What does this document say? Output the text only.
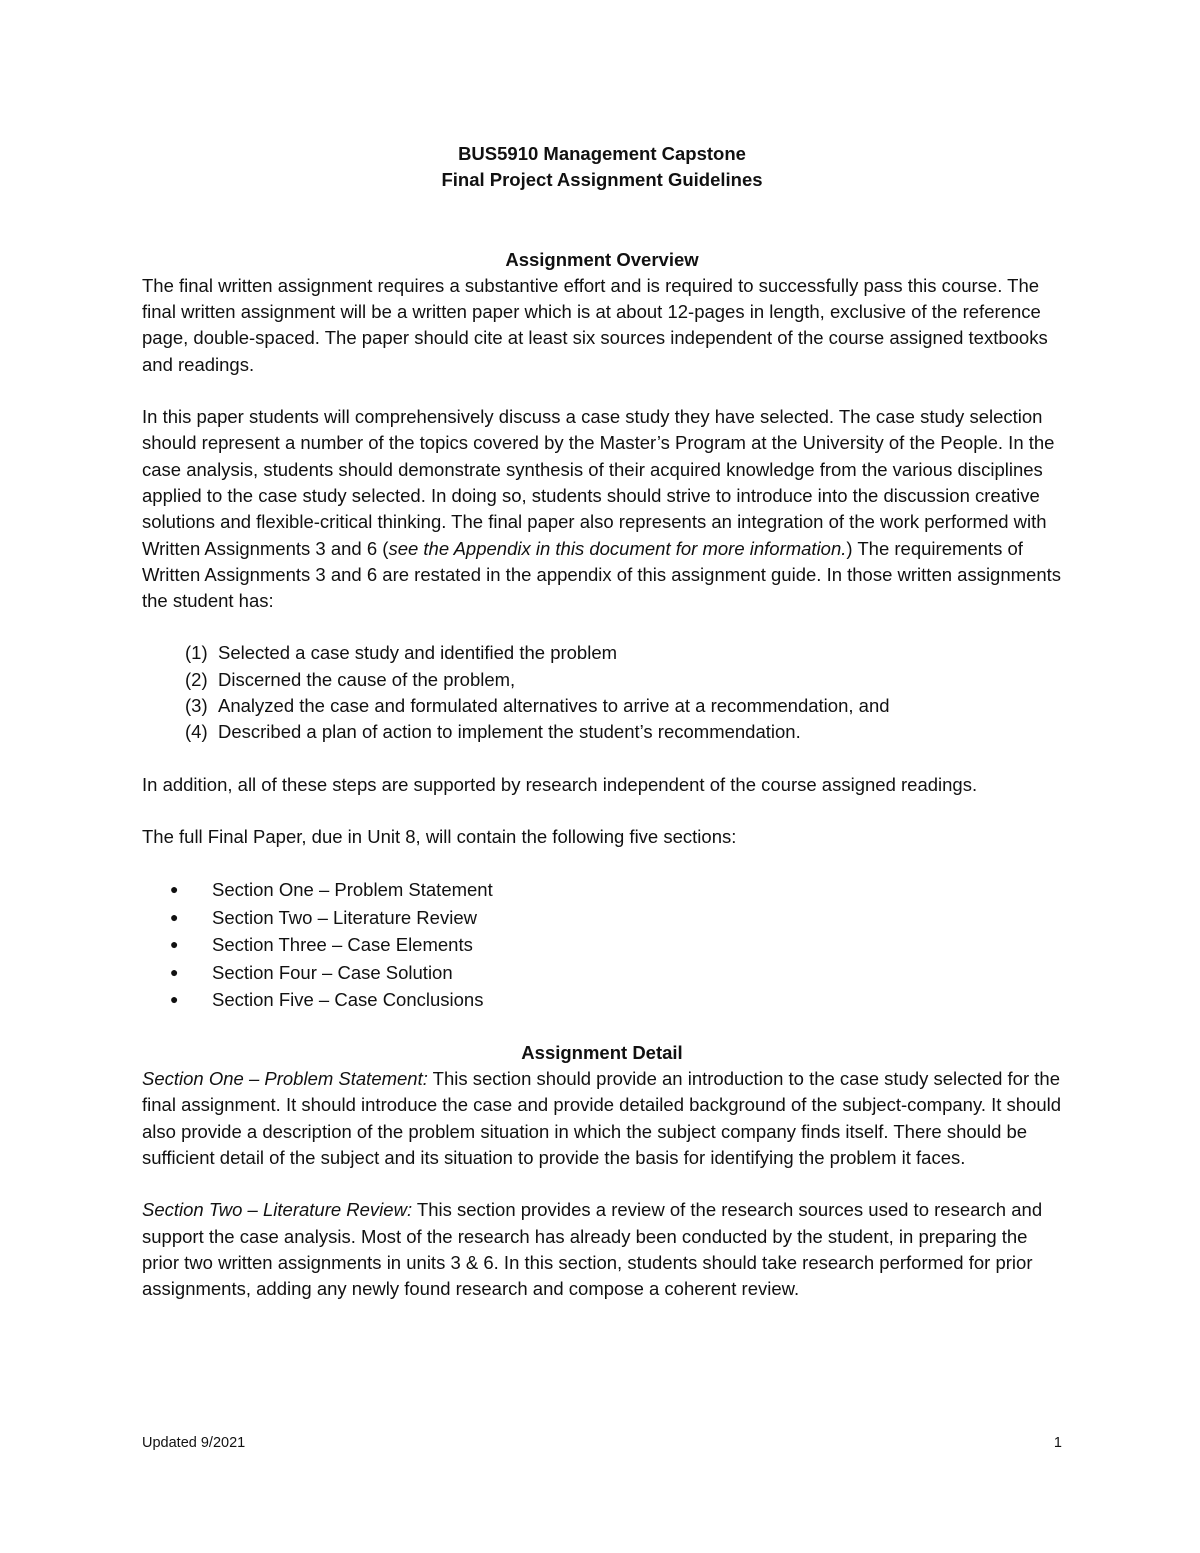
BUS5910 Management Capstone

Final Project Assignment Guidelines

Assignment Overview

The final written assignment requires a substantive effort and is required to successfully pass this course. The final written assignment will be a written paper which is at about 12-pages in length, exclusive of the reference page, double-spaced. The paper should cite at least six sources independent of the course assigned textbooks and readings.

In this paper students will comprehensively discuss a case study they have selected. The case study selection should represent a number of the topics covered by the Master’s Program at the University of the People. In the case analysis, students should demonstrate synthesis of their acquired knowledge from the various disciplines applied to the case study selected. In doing so, students should strive to introduce into the discussion creative solutions and flexible-critical thinking. The final paper also represents an integration of the work performed with Written Assignments 3 and 6 (see the Appendix in this document for more information.) The requirements of Written Assignments 3 and 6 are restated in the appendix of this assignment guide. In those written assignments the student has:

(1) Selected a case study and identified the problem
(2) Discerned the cause of the problem,
(3) Analyzed the case and formulated alternatives to arrive at a recommendation, and
(4) Described a plan of action to implement the student’s recommendation.

In addition, all of these steps are supported by research independent of the course assigned readings.

The full Final Paper, due in Unit 8, will contain the following five sections:

●	Section One – Problem Statement
●	Section Two – Literature Review
●	Section Three – Case Elements
●	Section Four – Case Solution
●	Section Five – Case Conclusions

Assignment Detail

Section One – Problem Statement: This section should provide an introduction to the case study selected for the final assignment. It should introduce the case and provide detailed background of the subject-company. It should also provide a description of the problem situation in which the subject company finds itself. There should be sufficient detail of the subject and its situation to provide the basis for identifying the problem it faces.

Section Two – Literature Review: This section provides a review of the research sources used to research and support the case analysis. Most of the research has already been conducted by the student, in preparing the prior two written assignments in units 3 & 6. In this section, students should take research performed for prior assignments, adding any newly found research and compose a coherent review.

Updated 9/2021	1
